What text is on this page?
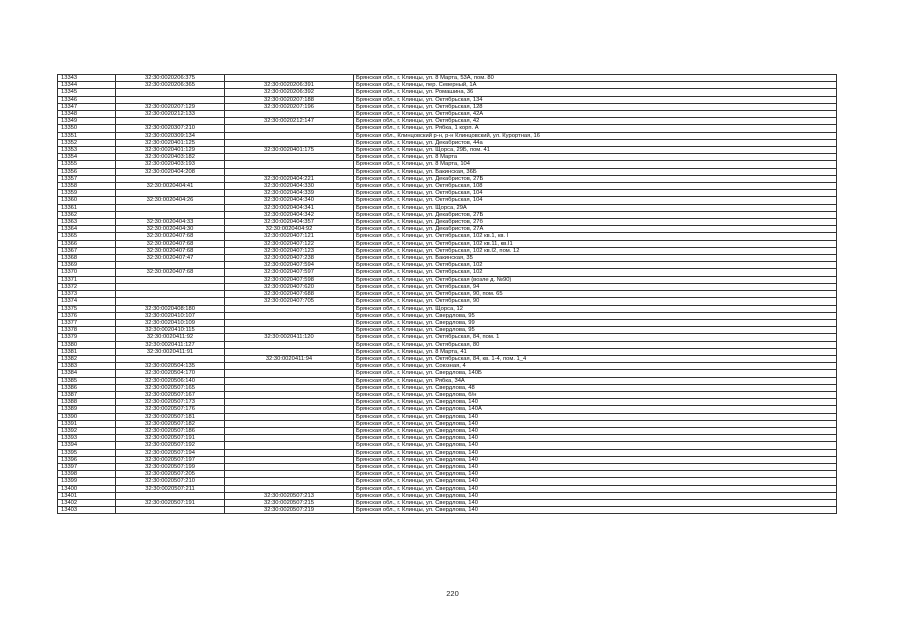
13343	32:30:0020206:375		Брянская обл., г. Клинцы, ул. 8 Марта, 53А, пом. 80
13344	32:30:0020206:365	32:30:0020206:391	Брянская обл., г. Клинцы, пер. Северный, 1А
13345		32:30:0020206:392	Брянская обл., г. Клинцы, ул. Ромашина, 36
13346		32:30:0020207:188	Брянская обл., г. Клинцы, ул. Октябрьская, 134
13347	32:30:0020207:129	32:30:0020207:196	Брянская обл., г. Клинцы, ул. Октябрьская, 128
13348	32:30:0020212:133		Брянская обл., г. Клинцы, ул. Октябрьская, 42А
13349		32:30:0020212:147	Брянская обл., г. Клинцы, ул. Октябрьская, 42
13350	32:30:0020307:210		Брянская обл., г. Клинцы, ул. Рябка, 1 корп. А
13351	32:30:0020309:134		Брянская обл., Клинцовский р-н, р-н Клинцовский, ул. Курортная, 16
13352	32:30:0020401:125		Брянская обл., г. Клинцы, ул. Декабристов, 44а
13353	32:30:0020401:129	32:30:0020401:175	Брянская обл., г. Клинцы, ул. Щорса, 29Б, пом. 41
13354	32:30:0020403:182		Брянская обл., г. Клинцы, ул. 8 Марта
13355	32:30:0020403:193		Брянская обл., г. Клинцы, ул. 8 Марта, 104
13356	32:30:0020404:208		Брянская обл., г. Клинцы, ул. Бакинская, 36Б
13357		32:30:0020404:221	Брянская обл., г. Клинцы, ул. Декабристов, 27Б
13358	32:30:0020404:41	32:30:0020404:330	Брянская обл., г. Клинцы, ул. Октябрьская, 108
13359		32:30:0020404:339	Брянская обл., г. Клинцы, ул. Октябрьская, 104
13360	32:30:0020404:26	32:30:0020404:340	Брянская обл., г. Клинцы, ул. Октябрьская, 104
13361		32:30:0020404:341	Брянская обл., г. Клинцы, ул. Щорса, 29А
13362		32:30:0020404:342	Брянская обл., г. Клинцы, ул. Декабристов, 27Б
13363	32:30:0020404:33	32:30:0020404:357	Брянская обл., г. Клинцы, ул. Декабристов, 27б
13364	32:30:0020404:30	32:30:0020404:92	Брянская обл., г. Клинцы, ул. Декабристов, 27А
13365	32:30:0020407:68	32:30:0020407:121	Брянская обл., г. Клинцы, ул. Октябрьская, 102 кв.1, кв. I
13366	32:30:0020407:68	32:30:0020407:122	Брянская обл., г. Клинцы, ул. Октябрьская, 102 кв.11, кв.I1
13367	32:30:0020407:68	32:30:0020407:123	Брянская обл., г. Клинцы, ул. Октябрьская, 102 кв.I2, пом. 12
13368	32:30:0020407:47	32:30:0020407:238	Брянская обл., г. Клинцы, ул. Бакинская, 35
13369		32:30:0020407:594	Брянская обл., г. Клинцы, ул. Октябрьская, 102
13370	32:30:0020407:68	32:30:0020407:597	Брянская обл., г. Клинцы, ул. Октябрьская, 102
13371		32:30:0020407:598	Брянская обл., г. Клинцы, ул. Октябрьская (возле д. №90)
13372		32:30:0020407:620	Брянская обл., г. Клинцы, ул. Октябрьская, 94
13373		32:30:0020407:688	Брянская обл., г. Клинцы, ул. Октябрьская, 90, пом. 65
13374		32:30:0020407:705	Брянская обл., г. Клинцы, ул. Октябрьская, 90
13375	32:30:0020408:180		Брянская обл., г. Клинцы, ул. Щорса, 12
13376	32:30:0020410:107		Брянская обл., г. Клинцы, ул. Свердлова, 95
13377	32:30:0020410:109		Брянская обл., г. Клинцы, ул. Свердлова, 99
13378	32:30:0020410:115		Брянская обл., г. Клинцы, ул. Свердлова, 95
13379	32:30:0020411:92	32:30:0020411:120	Брянская обл., г. Клинцы, ул. Октябрьская, 84, пом. 1
13380	32:30:0020411:127		Брянская обл., г. Клинцы, ул. Октябрьская, 80
13381	32:30:0020411:91		Брянская обл., г. Клинцы, ул. 8 Марта, 41
13382		32:30:0020411:94	Брянская обл., г. Клинцы, ул. Октябрьская, 84, кв. 1-4, пом. 1_4
13383	32:30:0020504:135		Брянская обл., г. Клинцы, ул. Союзная, 4
13384	32:30:0020504:170		Брянская обл., г. Клинцы, ул. Свердлова, 140Б
13385	32:30:0020506:140		Брянская обл., г. Клинцы, ул. Рябка, 34А
13386	32:30:0020507:165		Брянская обл., г. Клинцы, ул. Свердлова, 48
13387	32:30:0020507:167		Брянская обл., г. Клинцы, ул. Свердлова, б/н
13388	32:30:0020507:173		Брянская обл., г. Клинцы, ул. Свердлова, 140
13389	32:30:0020507:176		Брянская обл., г. Клинцы, ул. Свердлова, 140А
13390	32:30:0020507:181		Брянская обл., г. Клинцы, ул. Свердлова, 140
13391	32:30:0020507:182		Брянская обл., г. Клинцы, ул. Свердлова, 140
13392	32:30:0020507:186		Брянская обл., г. Клинцы, ул. Свердлова, 140
13393	32:30:0020507:191		Брянская обл., г. Клинцы, ул. Свердлова, 140
13394	32:30:0020507:192		Брянская обл., г. Клинцы, ул. Свердлова, 140
13395	32:30:0020507:194		Брянская обл., г. Клинцы, ул. Свердлова, 140
13396	32:30:0020507:197		Брянская обл., г. Клинцы, ул. Свердлова, 140
13397	32:30:0020507:199		Брянская обл., г. Клинцы, ул. Свердлова, 140
13398	32:30:0020507:205		Брянская обл., г. Клинцы, ул. Свердлова, 140
13399	32:30:0020507:210		Брянская обл., г. Клинцы, ул. Свердлова, 140
13400	32:30:0020507:211		Брянская обл., г. Клинцы, ул. Свердлова, 140
13401		32:30:0020507:213	Брянская обл., г. Клинцы, ул. Свердлова, 140
13402	32:30:0020507:191	32:30:0020507:215	Брянская обл., г. Клинцы, ул. Свердлова, 140
13403		32:30:0020507:219	Брянская обл., г. Клинцы, ул. Свердлова, 140
220
